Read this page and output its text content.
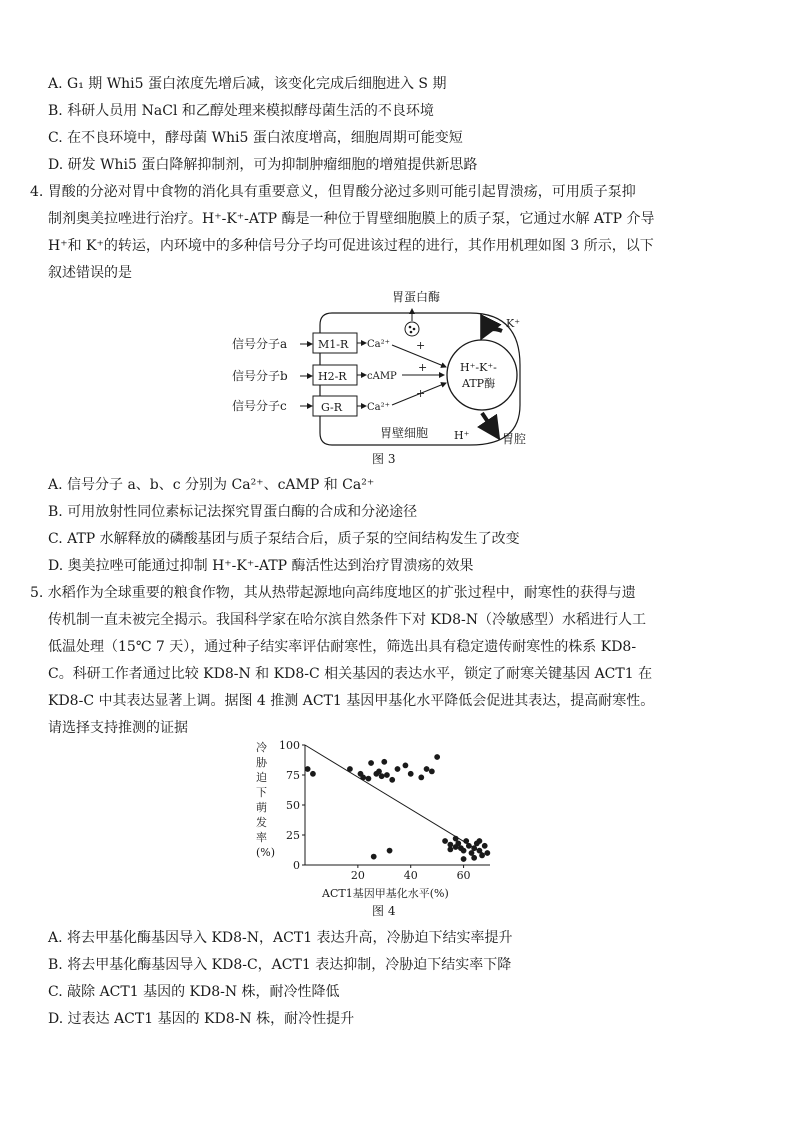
A. G₁ 期 Whi5 蛋白浓度先增后减，该变化完成后细胞进入 S 期
B. 科研人员用 NaCl 和乙醇处理来模拟酵母菌生活的不良环境
C. 在不良环境中，酵母菌 Whi5 蛋白浓度增高，细胞周期可能变短
D. 研发 Whi5 蛋白降解抑制剂，可为抑制肿瘤细胞的增殖提供新思路
4. 胃酸的分泌对胃中食物的消化具有重要意义，但胃酸分泌过多则可能引起胃溃疡，可用质子泵抑
制剂奥美拉唑进行治疗。H⁺-K⁺-ATP 酶是一种位于胃壁细胞膜上的质子泵，它通过水解 ATP 介导
H⁺和 K⁺的转运，内环境中的多种信号分子均可促进该过程的进行，其作用机理如图 3 所示，以下
叙述错误的是
胃蛋白酶
信号分子a
信号分子b
信号分子c
M1-R
H2-R
G-R
Ca²⁺
cAMP
Ca²⁺
+
+
+
H⁺-K⁺-
ATP酶
K⁺
H⁺	胃腔
胃壁细胞
图 3
A. 信号分子 a、b、c 分别为 Ca²⁺、cAMP 和 Ca²⁺
B. 可用放射性同位素标记法探究胃蛋白酶的合成和分泌途径
C. ATP 水解释放的磷酸基团与质子泵结合后，质子泵的空间结构发生了改变
D. 奥美拉唑可能通过抑制 H⁺-K⁺-ATP 酶活性达到治疗胃溃疡的效果
5. 水稻作为全球重要的粮食作物，其从热带起源地向高纬度地区的扩张过程中，耐寒性的获得与遗
传机制一直未被完全揭示。我国科学家在哈尔滨自然条件下对 KD8-N（冷敏感型）水稻进行人工
低温处理（15℃ 7 天），通过种子结实率评估耐寒性，筛选出具有稳定遗传耐寒性的株系 KD8-
C。科研工作者通过比较 KD8-N 和 KD8-C 相关基因的表达水平，锁定了耐寒关键基因 ACT1 在
KD8-C 中其表达显著上调。据图 4 推测 ACT1 基因甲基化水平降低会促进其表达，提高耐寒性。
请选择支持推测的证据
冷
胁
迫
下
萌
发
率
(%)
100
75
50
25
0
20	40	60
ACT1基因甲基化水平(%)
图 4
A. 将去甲基化酶基因导入 KD8-N，ACT1 表达升高，冷胁迫下结实率提升
B. 将去甲基化酶基因导入 KD8-C，ACT1 表达抑制，冷胁迫下结实率下降
C. 敲除 ACT1 基因的 KD8-N 株，耐冷性降低
D. 过表达 ACT1 基因的 KD8-N 株，耐冷性提升
